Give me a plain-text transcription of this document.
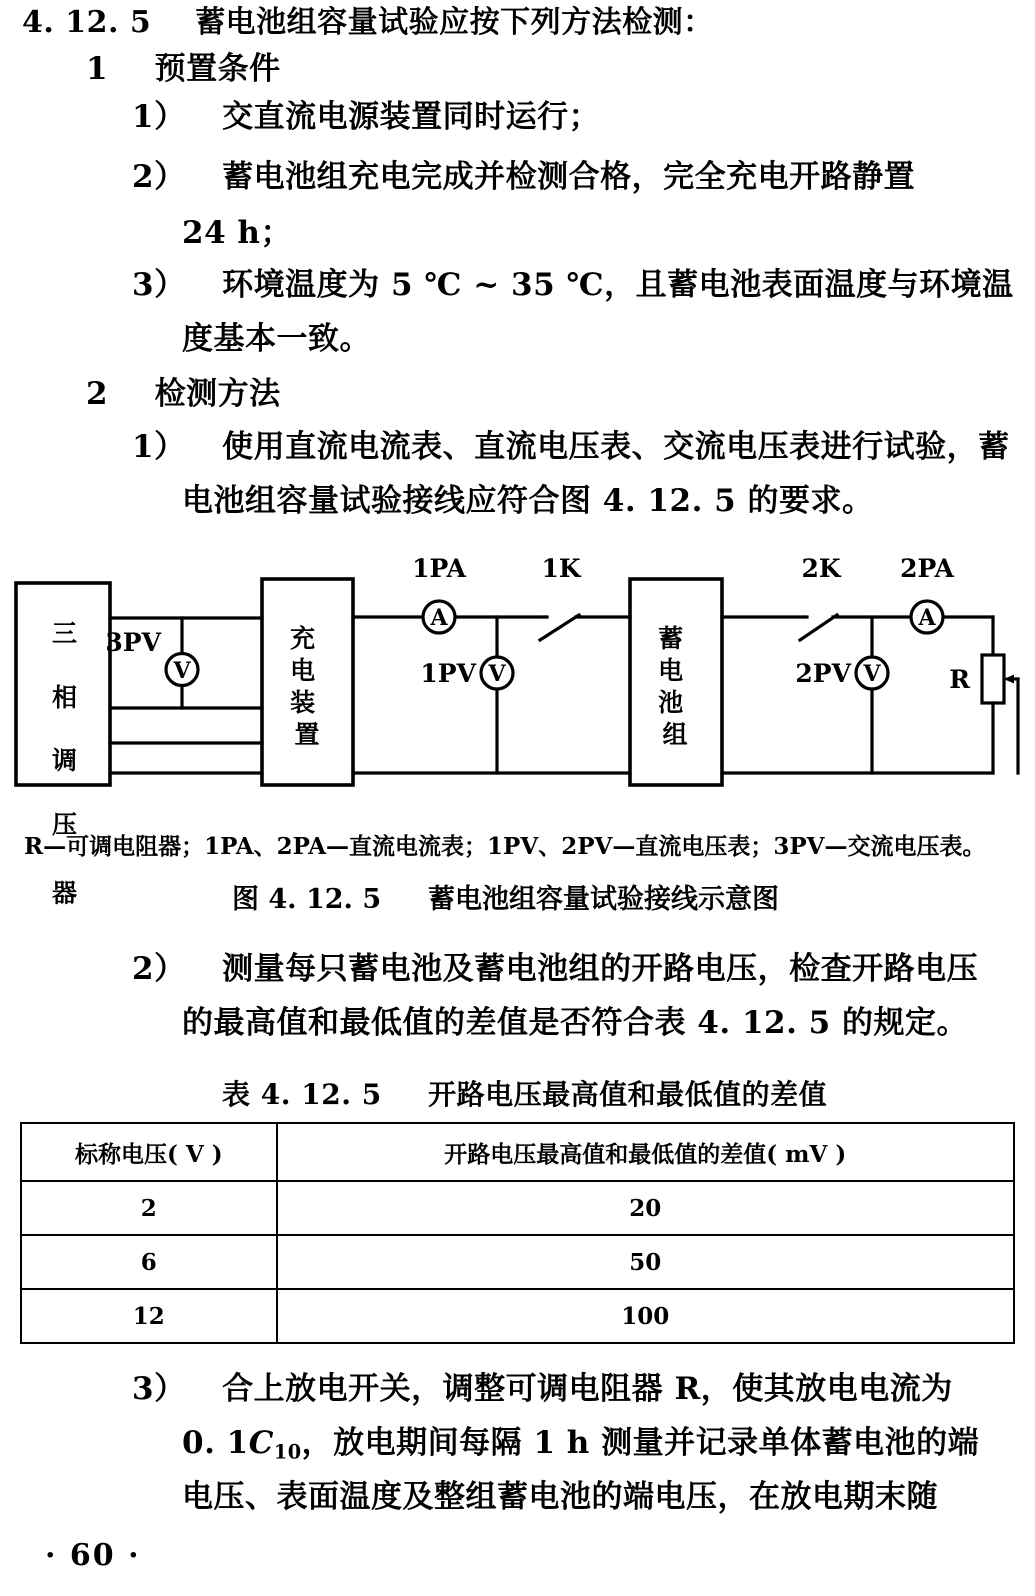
4. 12. 5 蓄电池组容量试验应按下列方法检测：
1 预置条件
1） 交直流电源装置同时运行；
2） 蓄电池组充电完成并检测合格，完全充电开路静置
24 h；
3） 环境温度为 5 ℃ ~ 35 ℃，且蓄电池表面温度与环境温
度基本一致。
2 检测方法
1） 使用直流电流表、直流电压表、交流电压表进行试验，蓄
电池组容量试验接线应符合图 4. 12. 5 的要求。
三 相 调 压 器
充 电 装 置
蓄 电 池 组
3PV
1PA
1PV
1K	2K 2PA
2PV	R
V
A
V
A
V
R—可调电阻器；1PA、2PA—直流电流表；1PV、2PV—直流电压表；3PV—交流电压表。
图 4. 12. 5 蓄电池组容量试验接线示意图
2） 测量每只蓄电池及蓄电池组的开路电压，检查开路电压
的最高值和最低值的差值是否符合表 4. 12. 5 的规定。
表 4. 12. 5 开路电压最高值和最低值的差值
标称电压( V )	开路电压最高值和最低值的差值( mV )
2	20
6	50
12	100
3） 合上放电开关，调整可调电阻器 R，使其放电电流为
0. $1C_{10}$，放电期间每隔 1 h 测量并记录单体蓄电池的端
电压、表面温度及整组蓄电池的端电压，在放电期末随
· 60 ·
